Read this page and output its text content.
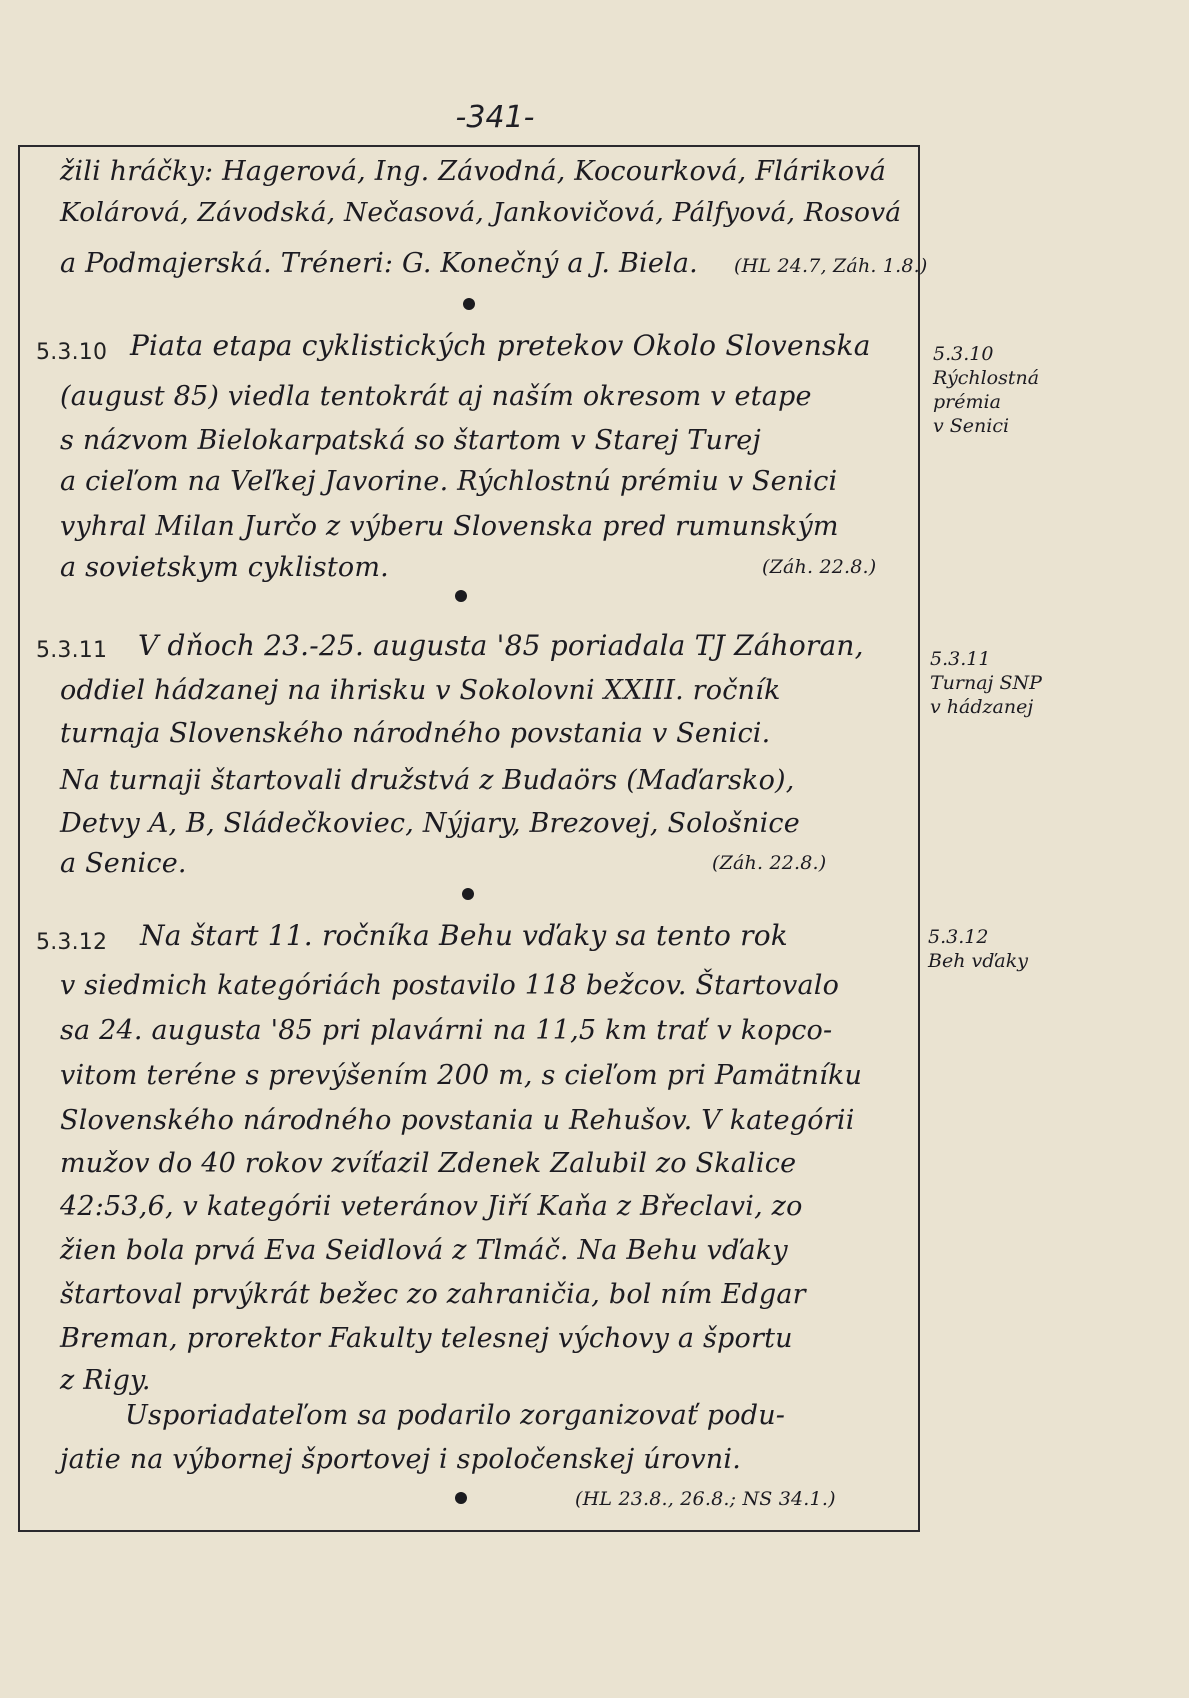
-341-
žili hráčky: Hagerová, Ing. Závodná, Kocourková, Fláriková
Kolárová, Závodská, Nečasová, Jankovičová, Pálfyová, Rosová
a Podmajerská. Tréneri: G. Konečný a J. Biela. (HL 24.7, Záh. 1.8.)
5.3.10 Piata etapa cyklistických pretekov Okolo Slovenska
(august 85) viedla tentokrát aj naším okresom v etape
s názvom Bielokarpatská so štartom v Starej Turej
a cieľom na Veľkej Javorine. Rýchlostnú prémiu v Senici
vyhral Milan Jurčo z výberu Slovenska pred rumunským
a sovietskym cyklistom.	(Záh. 22.8.)
5.3.10
Rýchlostná
prémia
v Senici
5.3.11 V dňoch 23.-25. augusta '85 poriadala TJ Záhoran,
oddiel hádzanej na ihrisku v Sokolovni XXIII. ročník
turnaja Slovenského národného povstania v Senici.
Na turnaji štartovali družstvá z Budaörs (Maďarsko),
Detvy A, B, Sládečkoviec, Nýjary, Brezovej, Sološnice
a Senice.	(Záh. 22.8.)
5.3.11
Turnaj SNP
v hádzanej
5.3.12 Na štart 11. ročníka Behu vďaky sa tento rok
v siedmich kategóriách postavilo 118 bežcov. Štartovalo
sa 24. augusta '85 pri plavárni na 11,5 km trať v kopco-
vitom teréne s prevýšením 200 m, s cieľom pri Pamätníku
Slovenského národného povstania u Rehušov. V kategórii
mužov do 40 rokov zvíťazil Zdenek Zalubil zo Skalice
42:53,6, v kategórii veteránov Jiří Kaňa z Břeclavi, zo
žien bola prvá Eva Seidlová z Tlmáč. Na Behu vďaky
štartoval prvýkrát bežec zo zahraničia, bol ním Edgar
Breman, prorektor Fakulty telesnej výchovy a športu
z Rigy.
Usporiadateľom sa podarilo zorganizovať podu-
jatie na výbornej športovej i spoločenskej úrovni.
(HL 23.8., 26.8.; NS 34.1.)
5.3.12
Beh vďaky
